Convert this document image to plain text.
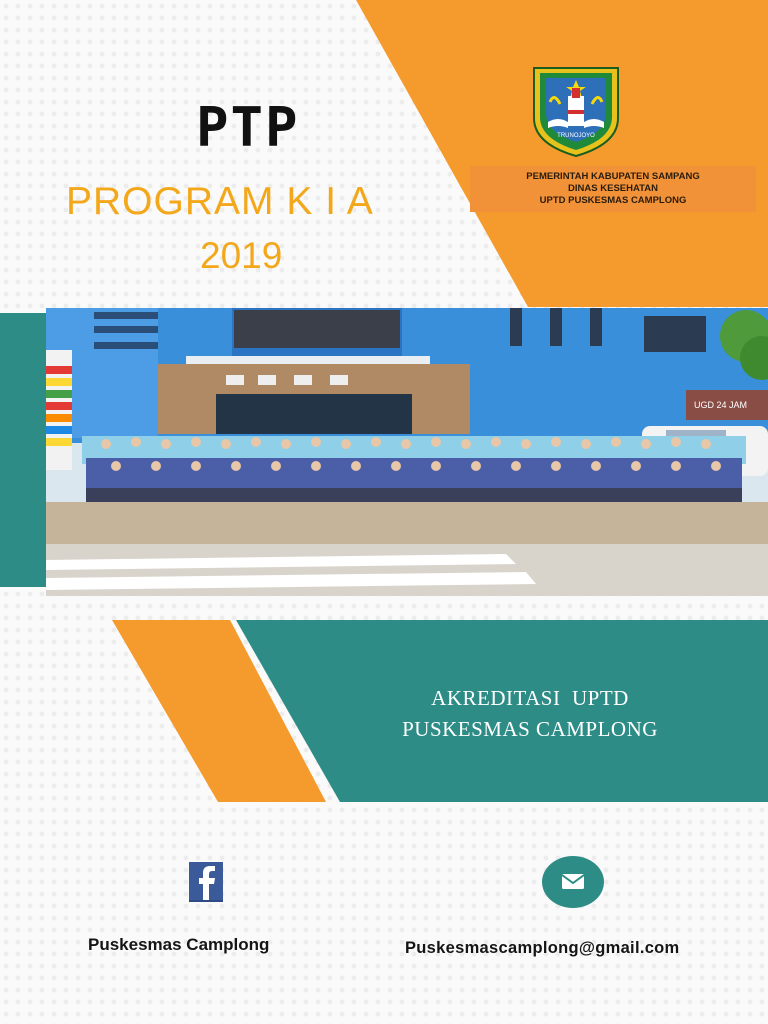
PTP
PROGRAM K I A
2019
TRUNOJOYO
PEMERINTAH KABUPATEN SAMPANG
DINAS KESEHATAN
UPTD PUSKESMAS CAMPLONG
UGD 24 JAM
AKREDITASI  UPTD
PUSKESMAS CAMPLONG
Puskesmas Camplong	Puskesmascamplong@gmail.com
